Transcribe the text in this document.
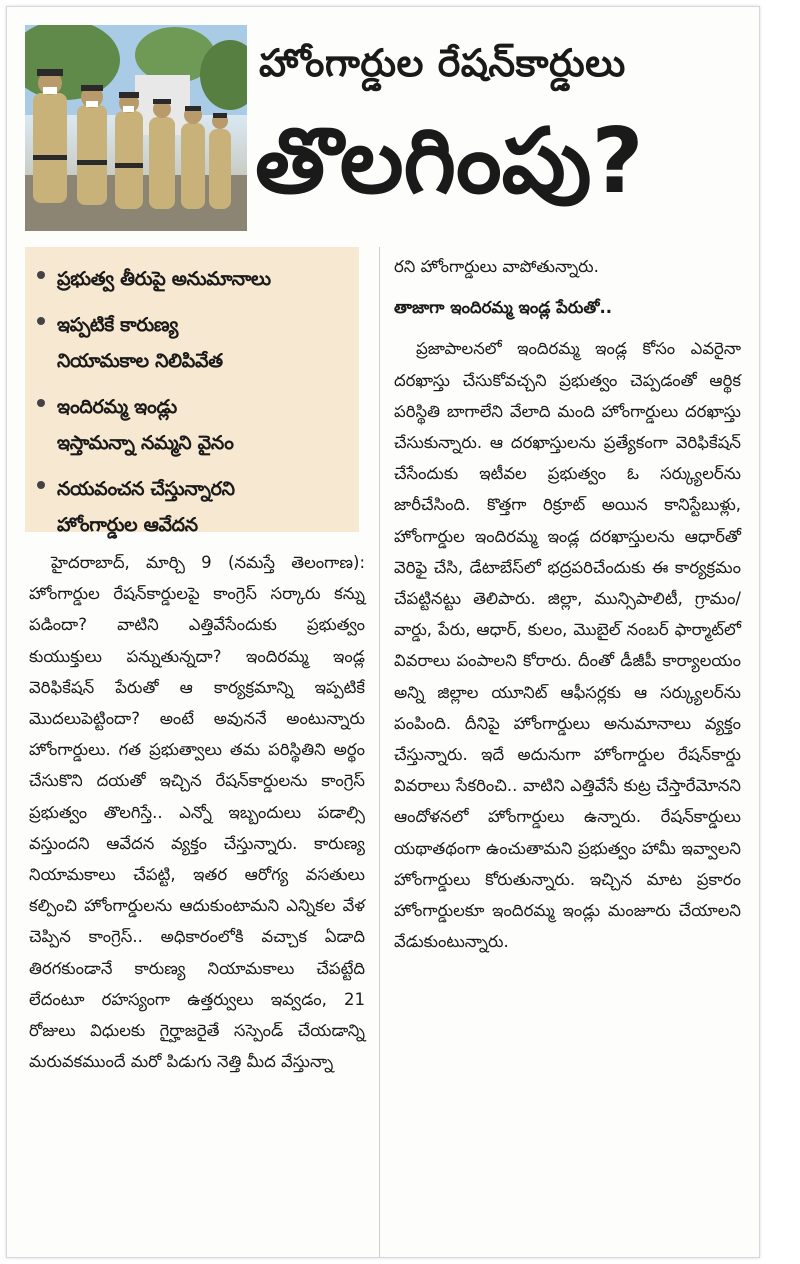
హోంగార్డుల రేషన్‌కార్డులు
తొలగింపు?
ప్రభుత్వ తీరుపై అనుమానాలు
ఇప్పటికే కారుణ్య
నియామకాల నిలిపివేత
ఇందిరమ్మ ఇండ్లు
ఇస్తామన్నా నమ్మని వైనం
నయవంచన చేస్తున్నారని
హోంగార్డుల ఆవేదన

హైదరాబాద్‌, మార్చి 9 (నమస్తే తెలంగాణ): హోంగార్డుల రేషన్‌కార్డులపై కాంగ్రెస్‌ సర్కారు కన్ను పడిందా? వాటిని ఎత్తివేసేందుకు ప్రభుత్వం కుయుక్తులు పన్నుతున్నదా? ఇందిరమ్మ ఇండ్ల వెరిఫికేషన్‌ పేరుతో ఆ కార్యక్రమాన్ని ఇప్పటికే మొదలుపెట్టిందా? అంటే అవుననే అంటున్నారు హోంగార్డులు. గత ప్రభుత్వాలు తమ పరిస్థితిని అర్థం చేసుకొని దయతో ఇచ్చిన రేషన్‌కార్డులను కాంగ్రెస్‌ ప్రభుత్వం తొలగిస్తే.. ఎన్నో ఇబ్బందులు పడాల్సి వస్తుందని ఆవేదన వ్యక్తం చేస్తున్నారు. కారుణ్య నియామకాలు చేపట్టి, ఇతర ఆరోగ్య వసతులు కల్పించి హోంగార్డులను ఆదుకుంటామని ఎన్నికల వేళ చెప్పిన కాంగ్రెస్‌.. అధికారంలోకి వచ్చాక ఏడాది తిరగకుండానే కారుణ్య నియామకాలు చేపట్టేది లేదంటూ రహస్యంగా ఉత్తర్వులు ఇవ్వడం, 21 రోజులు విధులకు గైర్హాజరైతే సస్పెండ్‌ చేయడాన్ని మరువకముందే మరో పిడుగు నెత్తి మీద వేస్తున్నా

రని హోంగార్డులు వాపోతున్నారు.

తాజాగా ఇందిరమ్మ ఇండ్ల పేరుతో..

ప్రజాపాలనలో ఇందిరమ్మ ఇండ్ల కోసం ఎవరైనా దరఖాస్తు చేసుకోవచ్చని ప్రభుత్వం చెప్పడంతో ఆర్థిక పరిస్థితి బాగాలేని వేలాది మంది హోంగార్డులు దరఖాస్తు చేసుకున్నారు. ఆ దరఖాస్తులను ప్రత్యేకంగా వెరిఫికేషన్‌ చేసేందుకు ఇటీవల ప్రభుత్వం ఓ సర్క్యులర్‌ను జారీచేసింది. కొత్తగా రిక్రూట్‌ అయిన కానిస్టేబుళ్లు, హోంగార్డుల ఇందిరమ్మ ఇండ్ల దరఖాస్తులను ఆధార్‌తో వెరిఫై చేసి, డేటాబేస్‌లో భద్రపరిచేందుకు ఈ కార్యక్రమం చేపట్టినట్టు తెలిపారు. జిల్లా, మున్సిపాలిటీ, గ్రామం/వార్డు, పేరు, ఆధార్‌, కులం, మొబైల్‌ నంబర్‌ ఫార్మాట్‌లో వివరాలు పంపాలని కోరారు. దీంతో డీజీపీ కార్యాలయం అన్ని జిల్లాల యూనిట్‌ ఆఫీసర్లకు ఆ సర్క్యులర్‌ను పంపింది. దీనిపై హోంగార్డులు అనుమానాలు వ్యక్తం చేస్తున్నారు. ఇదే అదునుగా హోంగార్డుల రేషన్‌కార్డు వివరాలు సేకరించి.. వాటిని ఎత్తివేసే కుట్ర చేస్తారేమోనని ఆందోళనలో హోంగార్డులు ఉన్నారు. రేషన్‌కార్డులు యథాతథంగా ఉంచుతామని ప్రభుత్వం హామీ ఇవ్వాలని హోంగార్డులు కోరుతున్నారు. ఇచ్చిన మాట ప్రకారం హోంగార్డులకూ ఇందిరమ్మ ఇండ్లు మంజూరు చేయాలని వేడుకుంటున్నారు.
